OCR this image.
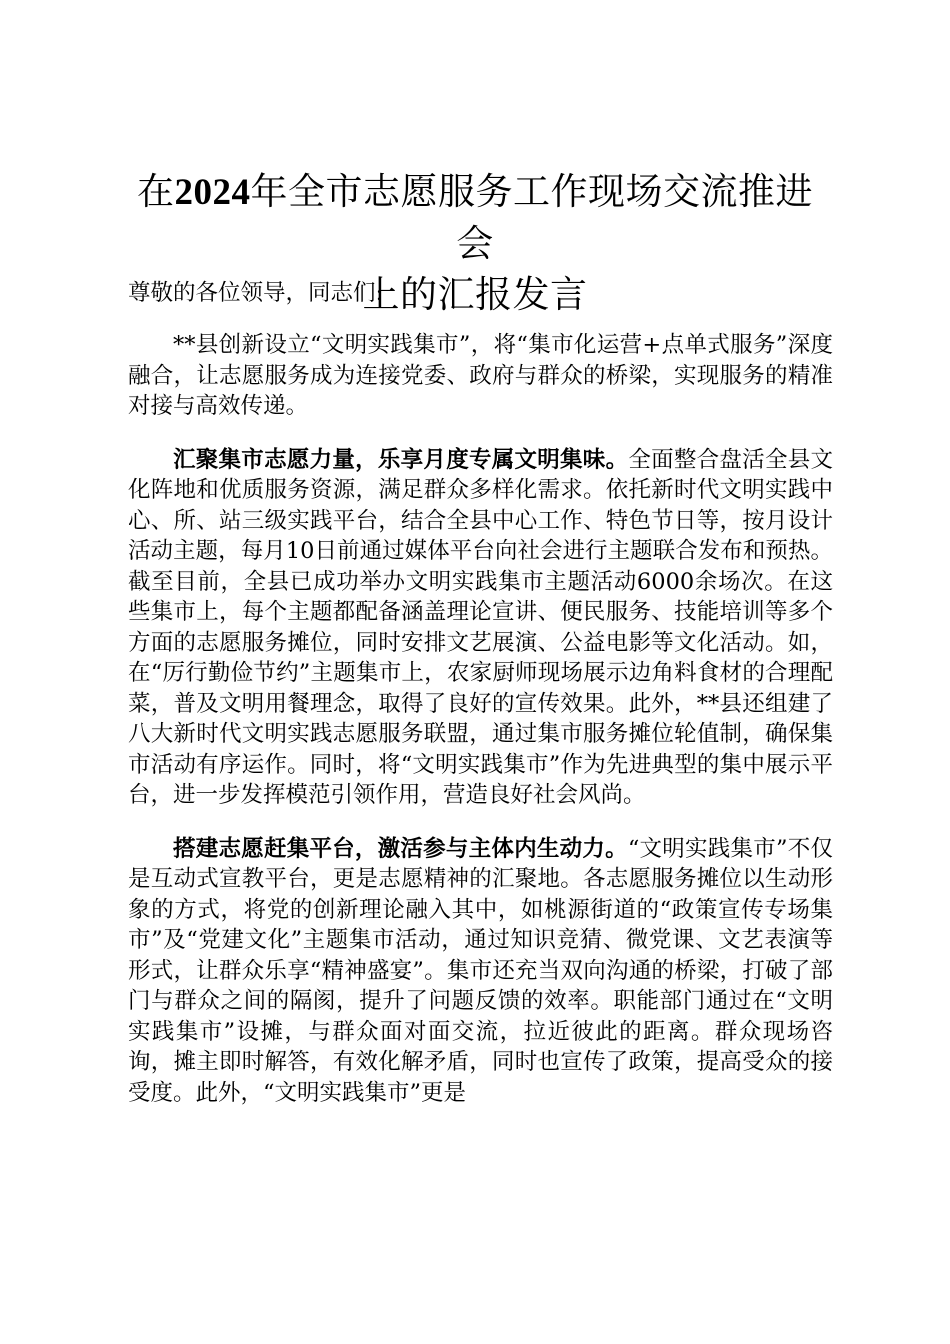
在2024年全市志愿服务工作现场交流推进会
上的汇报发言

尊敬的各位领导，同志们:

**县创新设立“文明实践集市”，将“集市化运营+点单式服务”深度融合，让志愿服务成为连接党委、政府与群众的桥梁，实现服务的精准对接与高效传递。

汇聚集市志愿力量，乐享月度专属文明集味。全面整合盘活全县文化阵地和优质服务资源，满足群众多样化需求。依托新时代文明实践中心、所、站三级实践平台，结合全县中心工作、特色节日等，按月设计活动主题，每月10日前通过媒体平台向社会进行主题联合发布和预热。截至目前，全县已成功举办文明实践集市主题活动6000余场次。在这些集市上，每个主题都配备涵盖理论宣讲、便民服务、技能培训等多个方面的志愿服务摊位，同时安排文艺展演、公益电影等文化活动。如，在“厉行勤俭节约”主题集市上，农家厨师现场展示边角料食材的合理配菜，普及文明用餐理念，取得了良好的宣传效果。此外，**县还组建了八大新时代文明实践志愿服务联盟，通过集市服务摊位轮值制，确保集市活动有序运作。同时，将“文明实践集市”作为先进典型的集中展示平台，进一步发挥模范引领作用，营造良好社会风尚。

搭建志愿赶集平台，激活参与主体内生动力。“文明实践集市”不仅是互动式宣教平台，更是志愿精神的汇聚地。各志愿服务摊位以生动形象的方式，将党的创新理论融入其中，如桃源街道的“政策宣传专场集市”及“党建文化”主题集市活动，通过知识竞猜、微党课、文艺表演等形式，让群众乐享“精神盛宴”。集市还充当双向沟通的桥梁，打破了部门与群众之间的隔阂，提升了问题反馈的效率。职能部门通过在“文明实践集市”设摊，与群众面对面交流，拉近彼此的距离。群众现场咨询，摊主即时解答，有效化解矛盾，同时也宣传了政策，提高受众的接受度。此外，“文明实践集市”更是
